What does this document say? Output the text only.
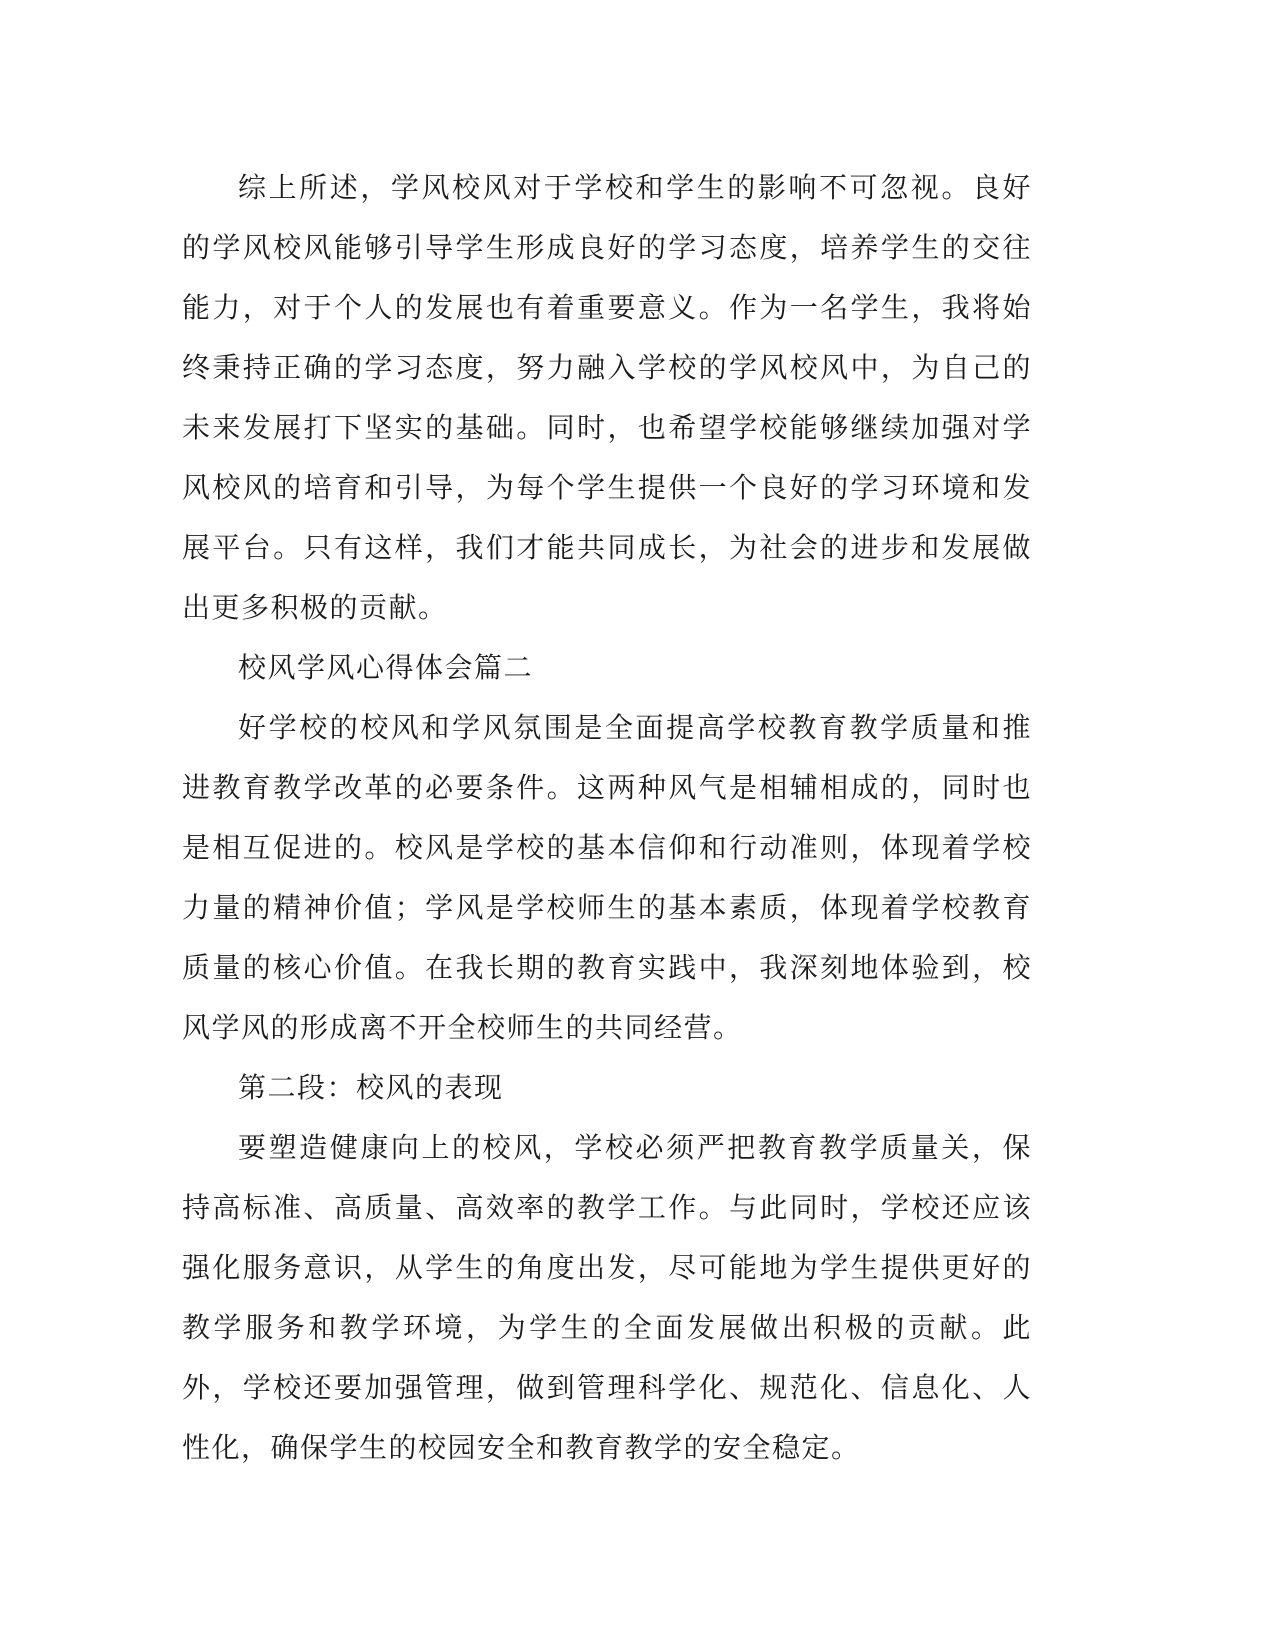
综上所述，学风校风对于学校和学生的影响不可忽视。良好的学风校风能够引导学生形成良好的学习态度，培养学生的交往能力，对于个人的发展也有着重要意义。作为一名学生，我将始终秉持正确的学习态度，努力融入学校的学风校风中，为自己的未来发展打下坚实的基础。同时，也希望学校能够继续加强对学风校风的培育和引导，为每个学生提供一个良好的学习环境和发展平台。只有这样，我们才能共同成长，为社会的进步和发展做出更多积极的贡献。

校风学风心得体会篇二

好学校的校风和学风氛围是全面提高学校教育教学质量和推进教育教学改革的必要条件。这两种风气是相辅相成的，同时也是相互促进的。校风是学校的基本信仰和行动准则，体现着学校力量的精神价值；学风是学校师生的基本素质，体现着学校教育质量的核心价值。在我长期的教育实践中，我深刻地体验到，校风学风的形成离不开全校师生的共同经营。

第二段：校风的表现

要塑造健康向上的校风，学校必须严把教育教学质量关，保持高标准、高质量、高效率的教学工作。与此同时，学校还应该强化服务意识，从学生的角度出发，尽可能地为学生提供更好的教学服务和教学环境，为学生的全面发展做出积极的贡献。此外，学校还要加强管理，做到管理科学化、规范化、信息化、人性化，确保学生的校园安全和教育教学的安全稳定。
